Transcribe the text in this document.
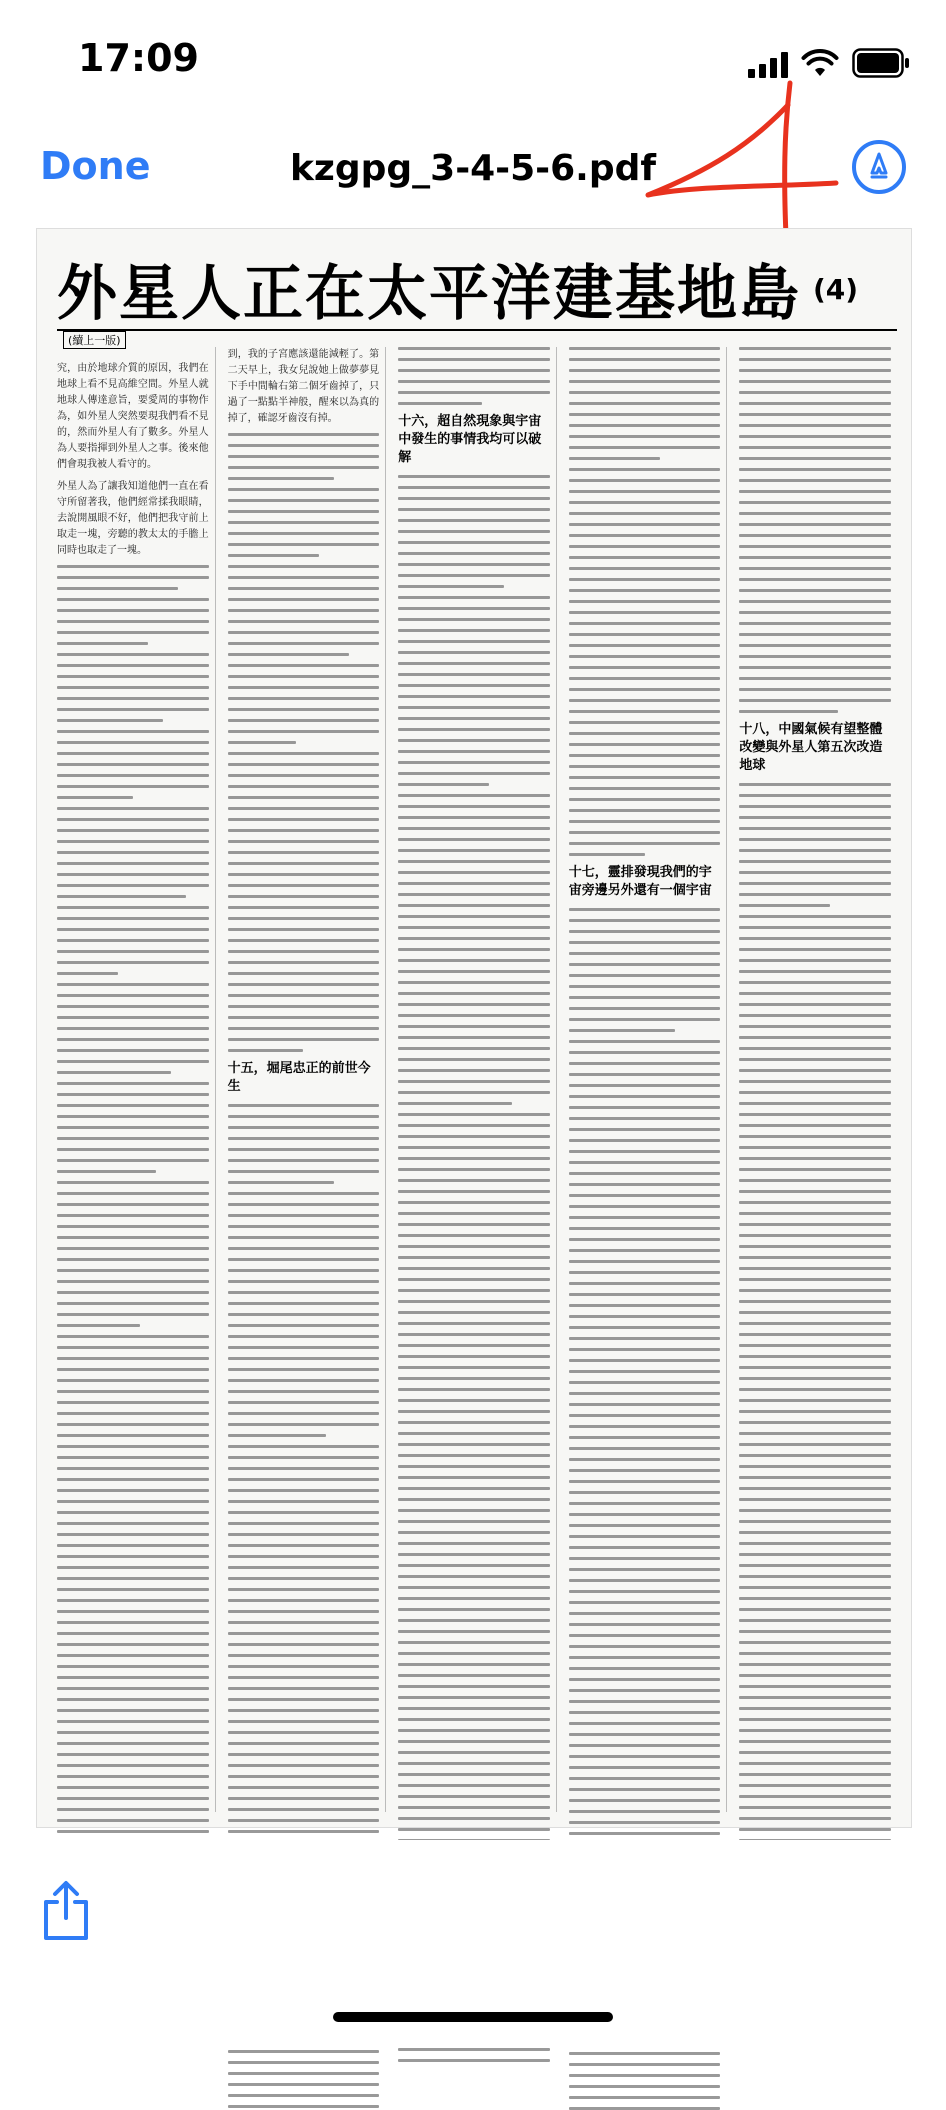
17:09
Done	kzgpg_3-4-5-6.pdf
外星人正在太平洋建基地島 (4)
(續上一版)

究，由於地球介質的原因，我們在地球上看不見高維空間。外星人就地球人傳達意旨，要愛周的事物作為，如外星人突然要現我們看不見的，然而外星人有了數多。外星人為人要指揮到外星人之事。後來他們會現我被人看守的。

外星人為了讓我知道他們一直在看守所留著我，他們經常揉我眼睛，去說開風眼不好，他們把我守前上取走一塊，旁聽的教太太的手膽上同時也取走了一塊。

到，我的子宮應該還能減輕了。第二天早上，我女兒說她上做夢夢見下手中間輪右第二個牙齒掉了，只過了一點點半神般，醒來以為真的掉了，確認牙齒沒有掉。

十五，堀尾忠正的前世今生
十六，超自然現象與宇宙中發生的事情我均可以破解
十七，靈排發現我們的宇宙旁邊另外還有一個宇宙
十八，中國氣候有望整體改變與外星人第五次改造地球
